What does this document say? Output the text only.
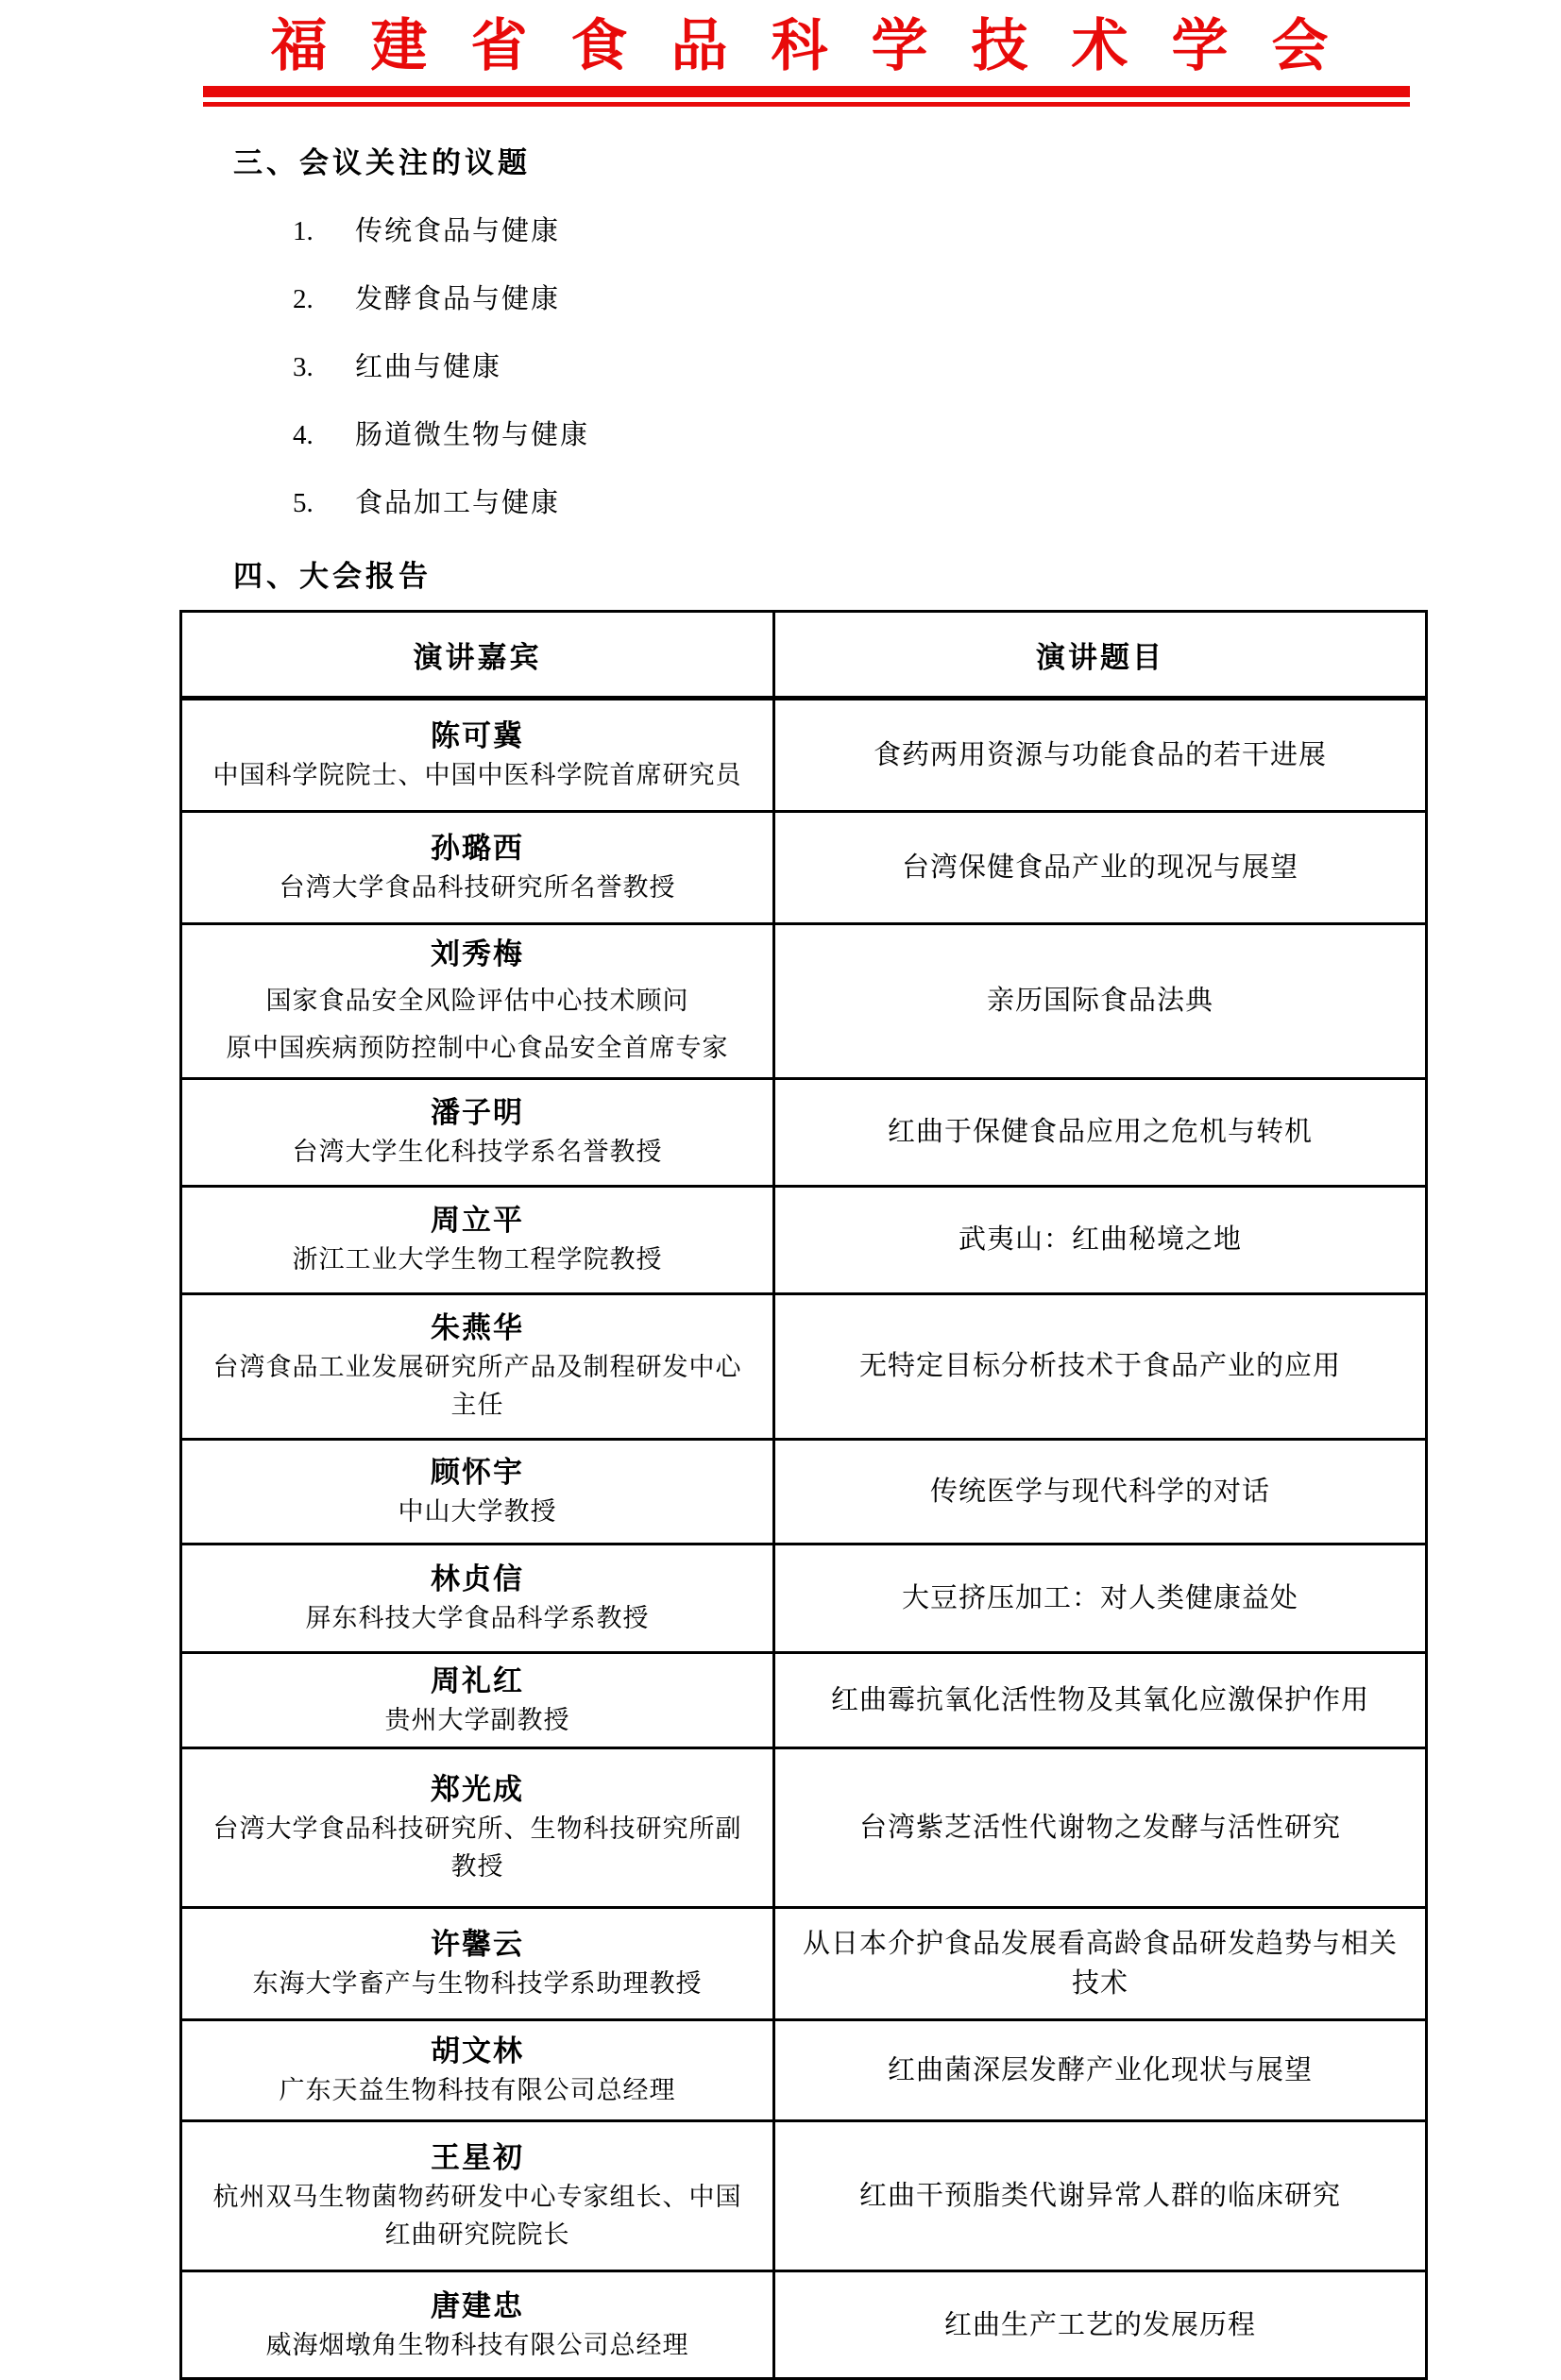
福建省食品科学技术学会
三、会议关注的议题
1. 传统食品与健康
2. 发酵食品与健康
3. 红曲与健康
4. 肠道微生物与健康
5. 食品加工与健康
四、大会报告
演讲嘉宾	演讲题目

陈可冀
中国科学院院士、中国中医科学院首席研究员	食药两用资源与功能食品的若干进展

孙璐西
台湾大学食品科技研究所名誉教授	台湾保健食品产业的现况与展望

刘秀梅
国家食品安全风险评估中心技术顾问
原中国疾病预防控制中心食品安全首席专家	亲历国际食品法典

潘子明
台湾大学生化科技学系名誉教授	红曲于保健食品应用之危机与转机

周立平
浙江工业大学生物工程学院教授	武夷山：红曲秘境之地

朱燕华
台湾食品工业发展研究所产品及制程研发中心主任	无特定目标分析技术于食品产业的应用

顾怀宇
中山大学教授	传统医学与现代科学的对话

林贞信
屏东科技大学食品科学系教授	大豆挤压加工：对人类健康益处

周礼红
贵州大学副教授	红曲霉抗氧化活性物及其氧化应激保护作用

郑光成
台湾大学食品科技研究所、生物科技研究所副教授	台湾紫芝活性代谢物之发酵与活性研究

许馨云
东海大学畜产与生物科技学系助理教授	从日本介护食品发展看高龄食品研发趋势与相关技术

胡文林
广东天益生物科技有限公司总经理	红曲菌深层发酵产业化现状与展望

王星初
杭州双马生物菌物药研发中心专家组长、中国红曲研究院院长	红曲干预脂类代谢异常人群的临床研究

唐建忠
威海烟墩角生物科技有限公司总经理	红曲生产工艺的发展历程
